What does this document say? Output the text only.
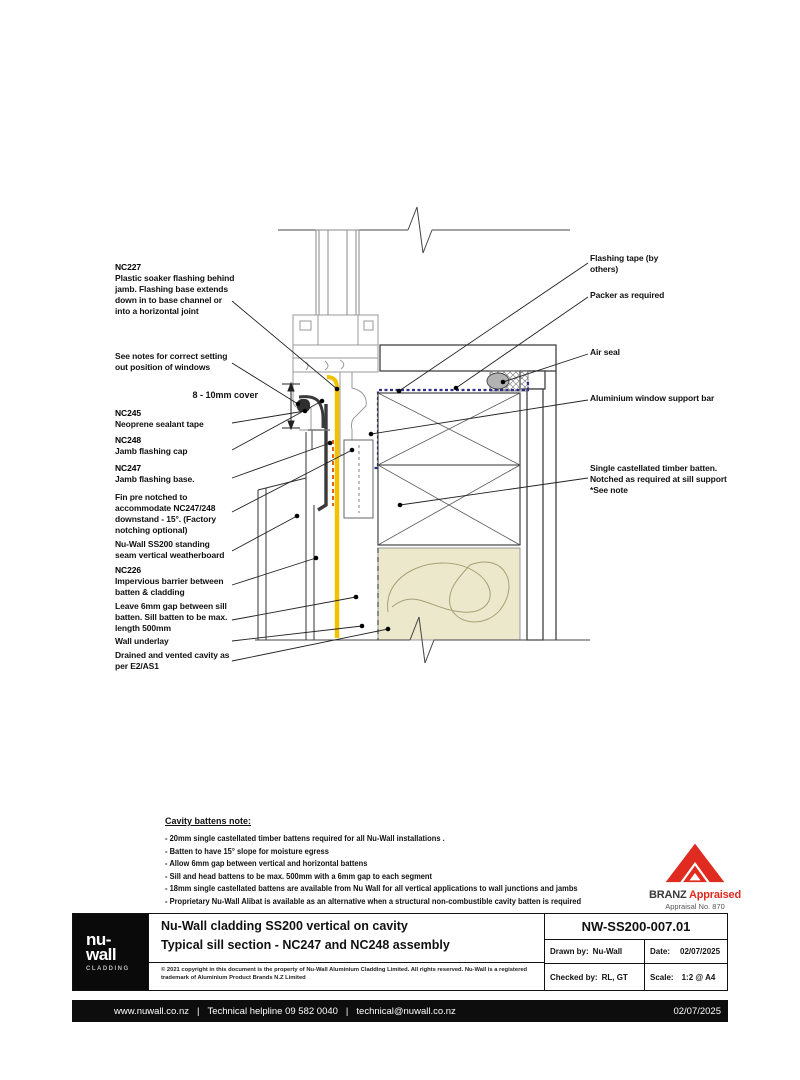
NC227
Plastic soaker flashing behind jamb. Flashing base extends down in to base channel or into a horizontal joint
See notes for correct setting out position of windows
8 - 10mm cover
NC245
Neoprene sealant tape
NC248
Jamb flashing cap
NC247
Jamb flashing base.
Fin pre notched to accommodate NC247/248 downstand - 15°. (Factory notching optional)
Nu-Wall SS200 standing seam vertical weatherboard
NC226
Impervious barrier between batten & cladding
Leave 6mm gap between sill batten. Sill batten to be max. length 500mm
Wall underlay
Drained and vented cavity as per E2/AS1
Flashing tape (by others)
Packer as required
Air seal
Aluminium window support bar
Single castellated timber batten. Notched as required at sill support *See note
Cavity battens note:
- 20mm single castellated timber battens required for all Nu-Wall installations .
- Batten to have 15° slope for moisture egress
- Allow 6mm gap between vertical and horizontal battens
- Sill and head battens to be max. 500mm with a 6mm gap to each segment
- 18mm single castellated battens are available from Nu Wall for all vertical applications to wall junctions and jambs
- Proprietary Nu-Wall Alibat is available as an alternative when a structural non-combustible cavity batten is required	BRANZ Appraised
Appraisal No. 870
nu-
wall
CLADDING
Nu-Wall cladding SS200 vertical on cavity
Typical sill section - NC247 and NC248 assembly
© 2021 copyright in this document is the property of Nu-Wall Aluminium Cladding Limited. All rights reserved. Nu-Wall is a registered trademark of Aluminium Product Brands N.Z Limited
NW-SS200-007.01
Drawn by: Nu-Wall	Date: 02/07/2025
Checked by: RL, GT	Scale: 1:2 @ A4
www.nuwall.co.nz | Technical helpline 09 582 0040 | technical@nuwall.co.nz	02/07/2025
